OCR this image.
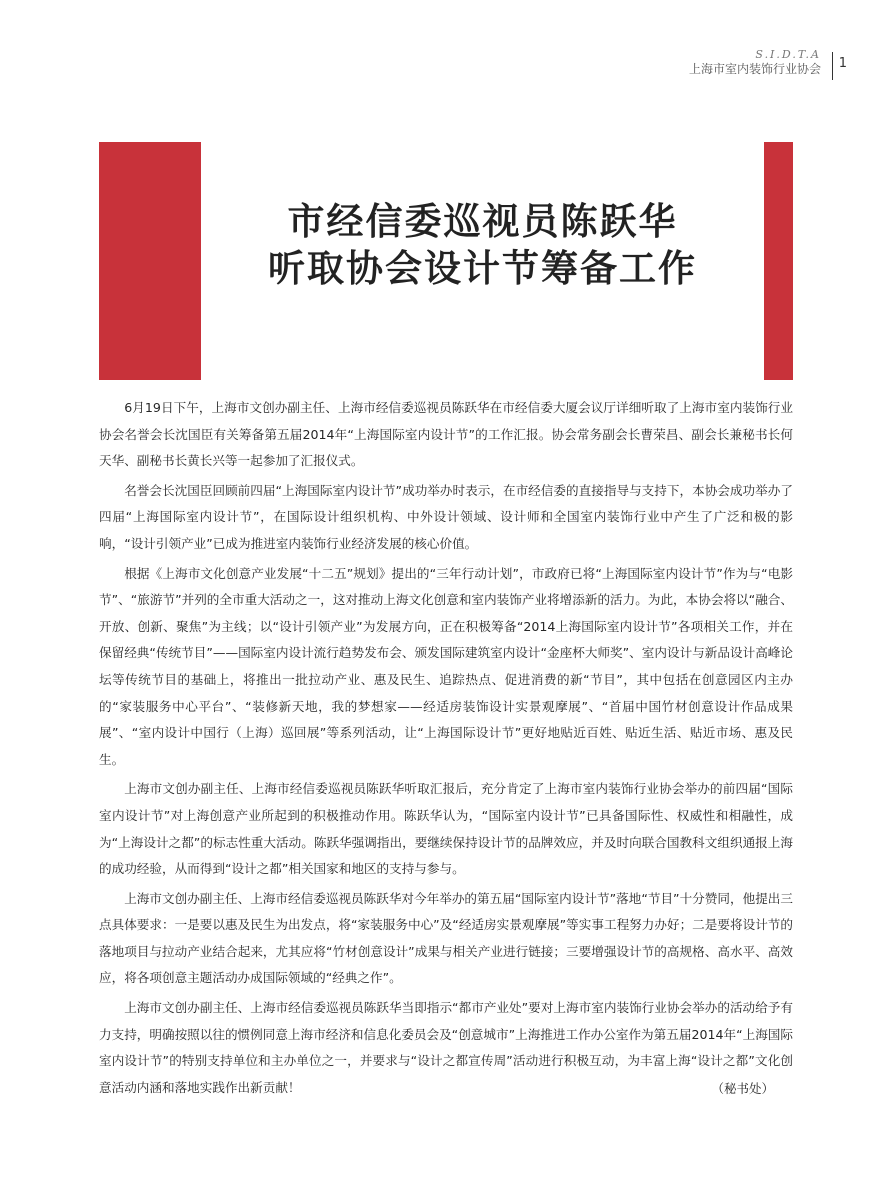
S.I.D.T.A
上海市室内装饰行业协会 1
市经信委巡视员陈跃华
听取协会设计节筹备工作

6月19日下午，上海市文创办副主任、上海市经信委巡视员陈跃华在市经信委大厦会议厅详细听取了上海市室内装饰行业协会名誉会长沈国臣有关筹备第五届2014年“上海国际室内设计节”的工作汇报。协会常务副会长曹荣昌、副会长兼秘书长何天华、副秘书长黄长兴等一起参加了汇报仪式。

名誉会长沈国臣回顾前四届“上海国际室内设计节”成功举办时表示，在市经信委的直接指导与支持下，本协会成功举办了四届“上海国际室内设计节”，在国际设计组织机构、中外设计领域、设计师和全国室内装饰行业中产生了广泛和极的影响，“设计引领产业”已成为推进室内装饰行业经济发展的核心价值。

根据《上海市文化创意产业发展“十二五”规划》提出的“三年行动计划”，市政府已将“上海国际室内设计节”作为与“电影节”、“旅游节”并列的全市重大活动之一，这对推动上海文化创意和室内装饰产业将增添新的活力。为此，本协会将以“融合、开放、创新、聚焦”为主线；以“设计引领产业”为发展方向，正在积极筹备“2014上海国际室内设计节”各项相关工作，并在保留经典“传统节目”——国际室内设计流行趋势发布会、颁发国际建筑室内设计“金座杯大师奖”、室内设计与新品设计高峰论坛等传统节目的基础上，将推出一批拉动产业、惠及民生、追踪热点、促进消费的新“节目”，其中包括在创意园区内主办的“家装服务中心平台”、“装修新天地，我的梦想家——经适房装饰设计实景观摩展”、“首届中国竹材创意设计作品成果展”、“室内设计中国行（上海）巡回展”等系列活动，让“上海国际设计节”更好地贴近百姓、贴近生活、贴近市场、惠及民生。

上海市文创办副主任、上海市经信委巡视员陈跃华听取汇报后，充分肯定了上海市室内装饰行业协会举办的前四届“国际室内设计节”对上海创意产业所起到的积极推动作用。陈跃华认为，“国际室内设计节”已具备国际性、权威性和相融性，成为“上海设计之都”的标志性重大活动。陈跃华强调指出，要继续保持设计节的品牌效应，并及时向联合国教科文组织通报上海的成功经验，从而得到“设计之都”相关国家和地区的支持与参与。

上海市文创办副主任、上海市经信委巡视员陈跃华对今年举办的第五届“国际室内设计节”落地“节目”十分赞同，他提出三点具体要求：一是要以惠及民生为出发点，将“家装服务中心”及“经适房实景观摩展”等实事工程努力办好；二是要将设计节的落地项目与拉动产业结合起来，尤其应将“竹材创意设计”成果与相关产业进行链接；三要增强设计节的高规格、高水平、高效应，将各项创意主题活动办成国际领域的“经典之作”。

上海市文创办副主任、上海市经信委巡视员陈跃华当即指示“都市产业处”要对上海市室内装饰行业协会举办的活动给予有力支持，明确按照以往的惯例同意上海市经济和信息化委员会及“创意城市”上海推进工作办公室作为第五届2014年“上海国际室内设计节”的特别支持单位和主办单位之一，并要求与“设计之都宣传周”活动进行积极互动，为丰富上海“设计之都”文化创意活动内涵和落地实践作出新贡献！	（秘书处）
